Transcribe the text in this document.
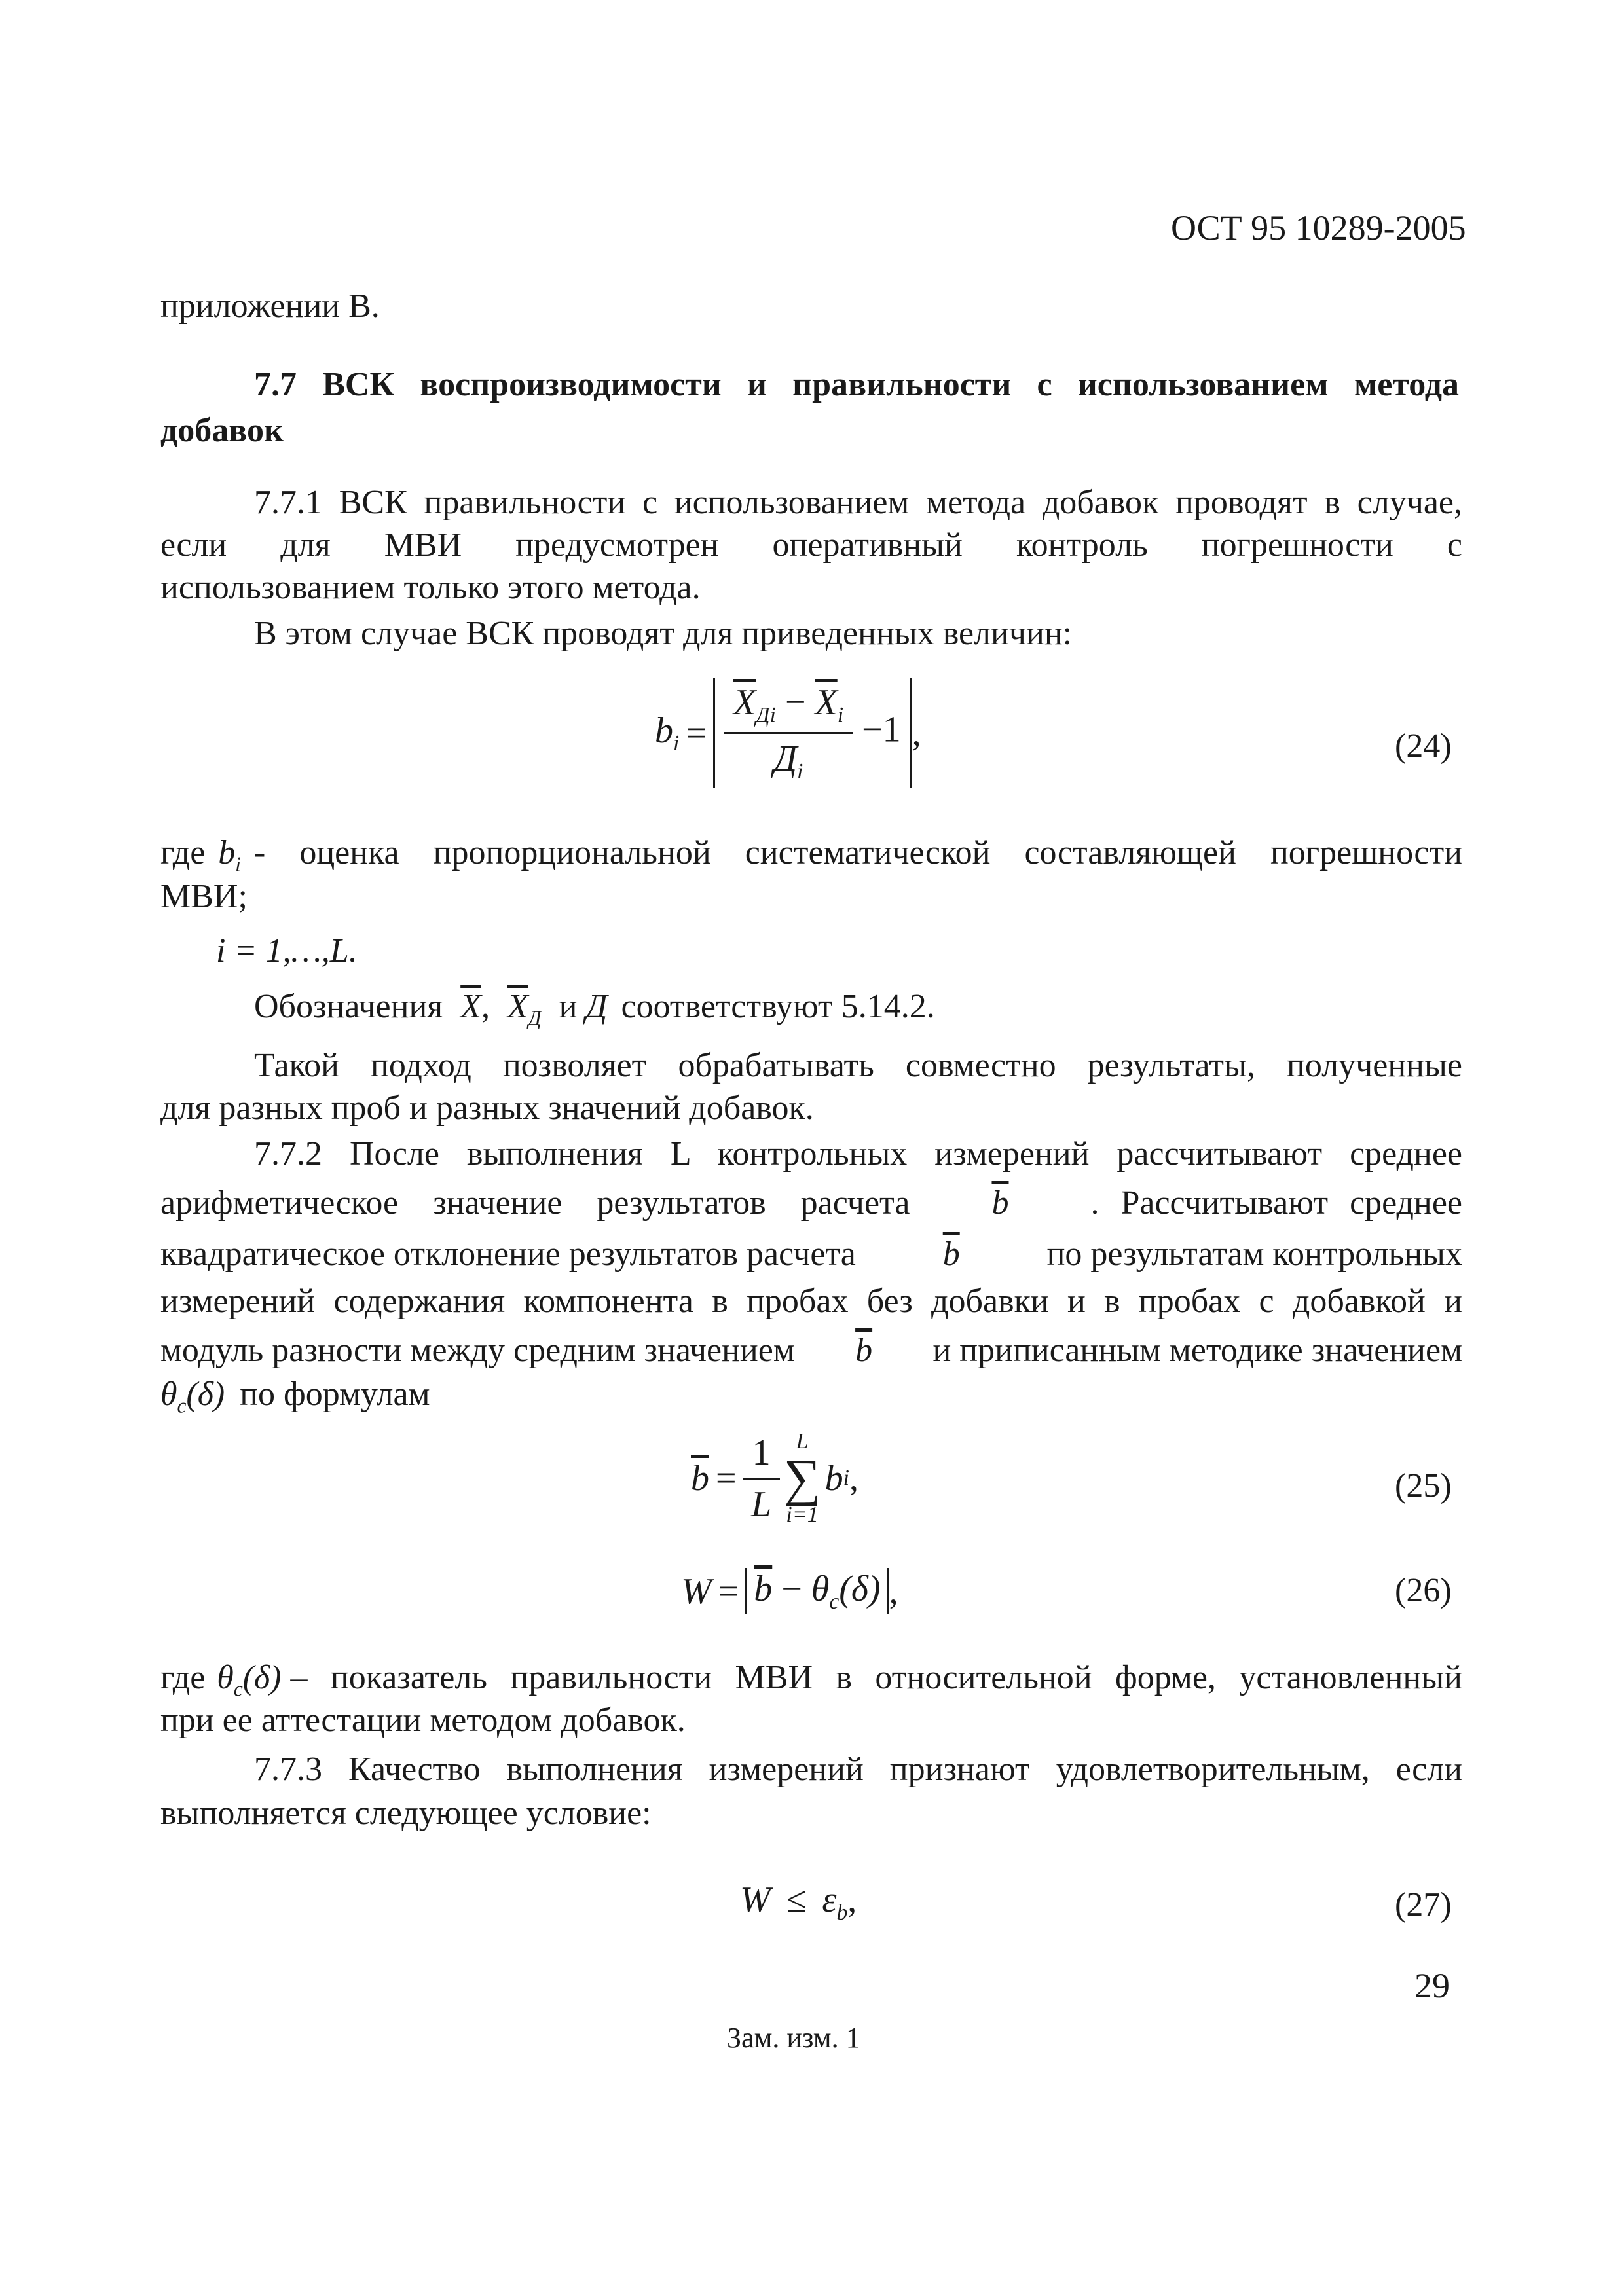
ОСТ 95 10289-2005
приложении В.
7.7 ВСК воспроизводимости и правильности с использованием метода
добавок
7.7.1 ВСК правильности с использованием метода добавок проводят в случае,
если для МВИ предусмотрен оперативный контроль погрешности с
использованием только этого метода.
В этом случае ВСК проводят для приведенных величин:
$b_i = \frac{\overline{X}_{Дi} - \overline{X}_i}{Д_i} -1$ ,	(24)
где $b_i$ - оценка пропорциональной систематической составляющей погрешности
МВИ;
i = 1,…,L.
Обозначения $\overline{X}$, $\overline{X}_Д$ и Д соответствуют 5.14.2.
Такой подход позволяет обрабатывать совместно результаты, полученные
для разных проб и разных значений добавок.
7.7.2 После выполнения L контрольных измерений рассчитывают среднее
арифметическое значение результатов расчета $\overline{b}$ . Рассчитывают среднее
квадратическое отклонение результатов расчета	$\overline{b}$	по результатам контрольных
измерений содержания компонента в пробах без добавки и в пробах с добавкой и
модуль разности между средним значением $\overline{b}$ и приписанным методике значением
$\theta_c(\delta)$ по формулам
$\overline{b} = \frac{1}{L}$ L
∑
i=1
b i ,	(25)
$W = \overline{b} - \theta_c(\delta)$ ,	(26)
где $\theta_c(\delta)$ – показатель правильности МВИ в относительной форме, установленный
при ее аттестации методом добавок.
7.7.3 Качество выполнения измерений признают удовлетворительным, если
выполняется следующее условие:
$W \le \varepsilon_b$,	(27)
29
Зам. изм. 1
